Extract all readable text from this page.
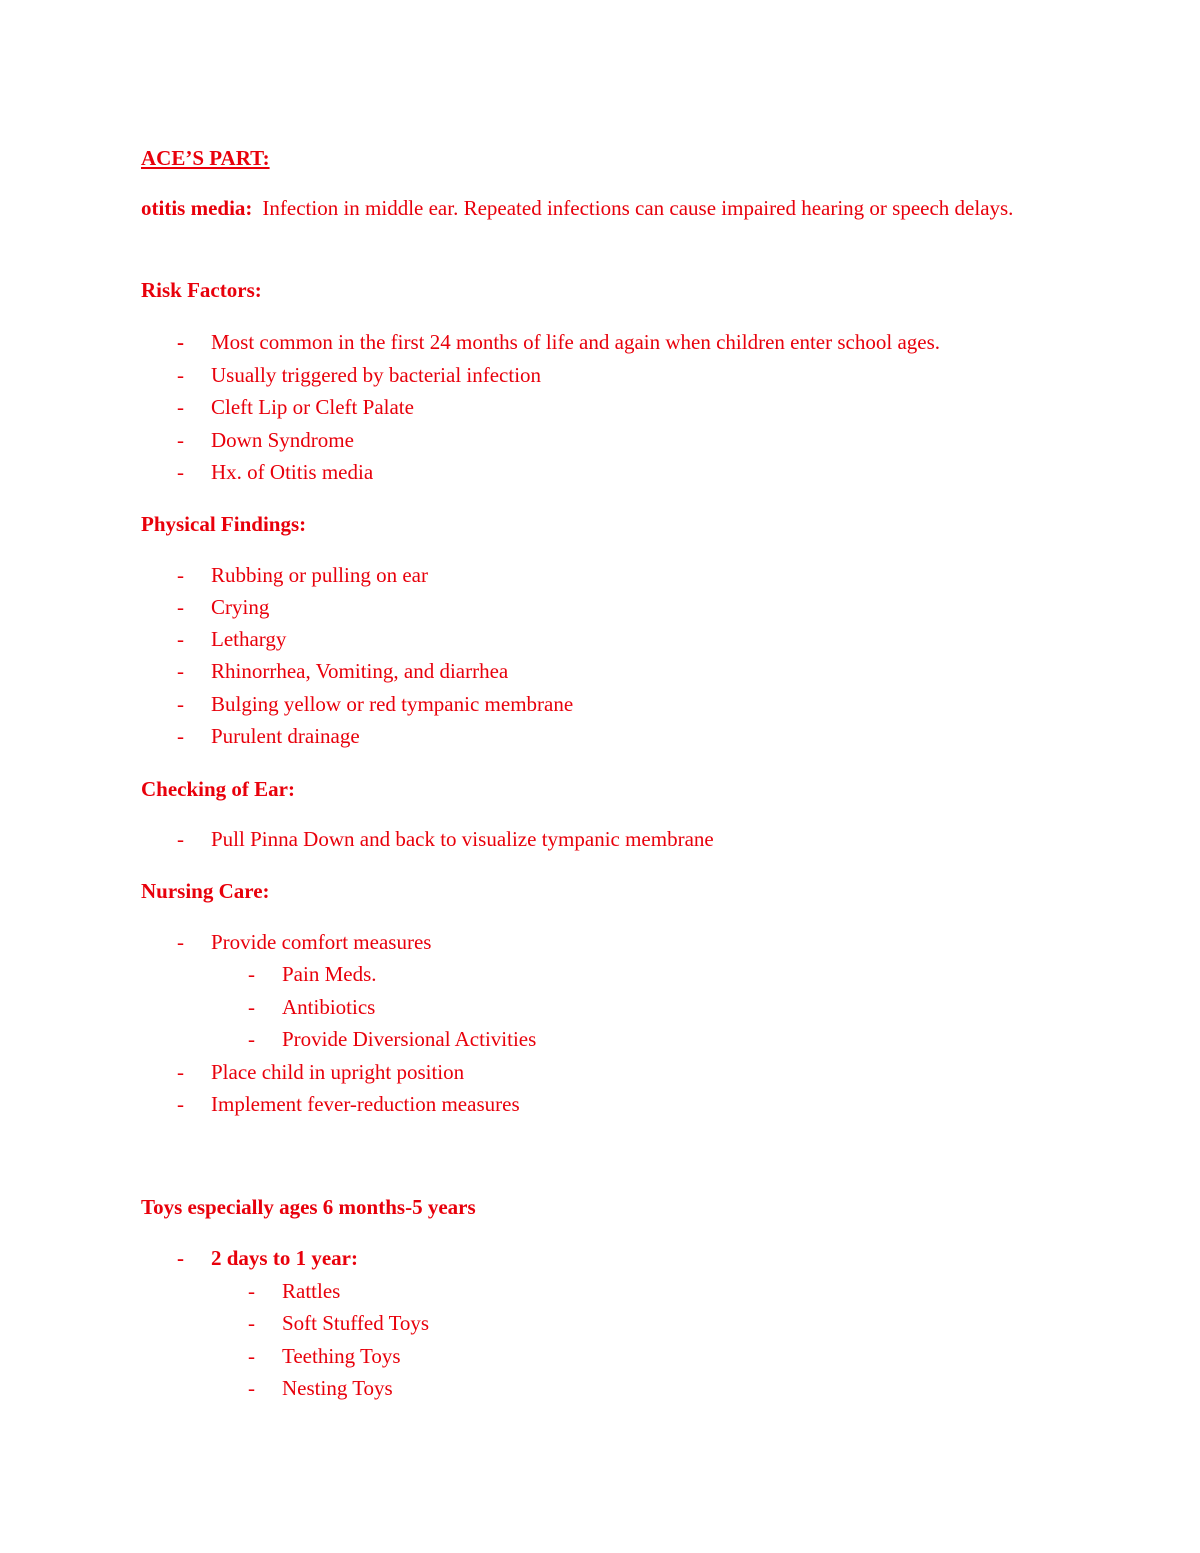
ACE’S PART:
otitis media: Infection in middle ear. Repeated infections can cause impaired hearing or speech delays.
Risk Factors:
- Most common in the first 24 months of life and again when children enter school ages.
- Usually triggered by bacterial infection
- Cleft Lip or Cleft Palate
- Down Syndrome
- Hx. of Otitis media
Physical Findings:
- Rubbing or pulling on ear
- Crying
- Lethargy
- Rhinorrhea, Vomiting, and diarrhea
- Bulging yellow or red tympanic membrane
- Purulent drainage
Checking of Ear:
- Pull Pinna Down and back to visualize tympanic membrane
Nursing Care:
- Provide comfort measures
- Pain Meds.
- Antibiotics
- Provide Diversional Activities
- Place child in upright position
- Implement fever-reduction measures
Toys especially ages 6 months-5 years
- 2 days to 1 year:
- Rattles
- Soft Stuffed Toys
- Teething Toys
- Nesting Toys
